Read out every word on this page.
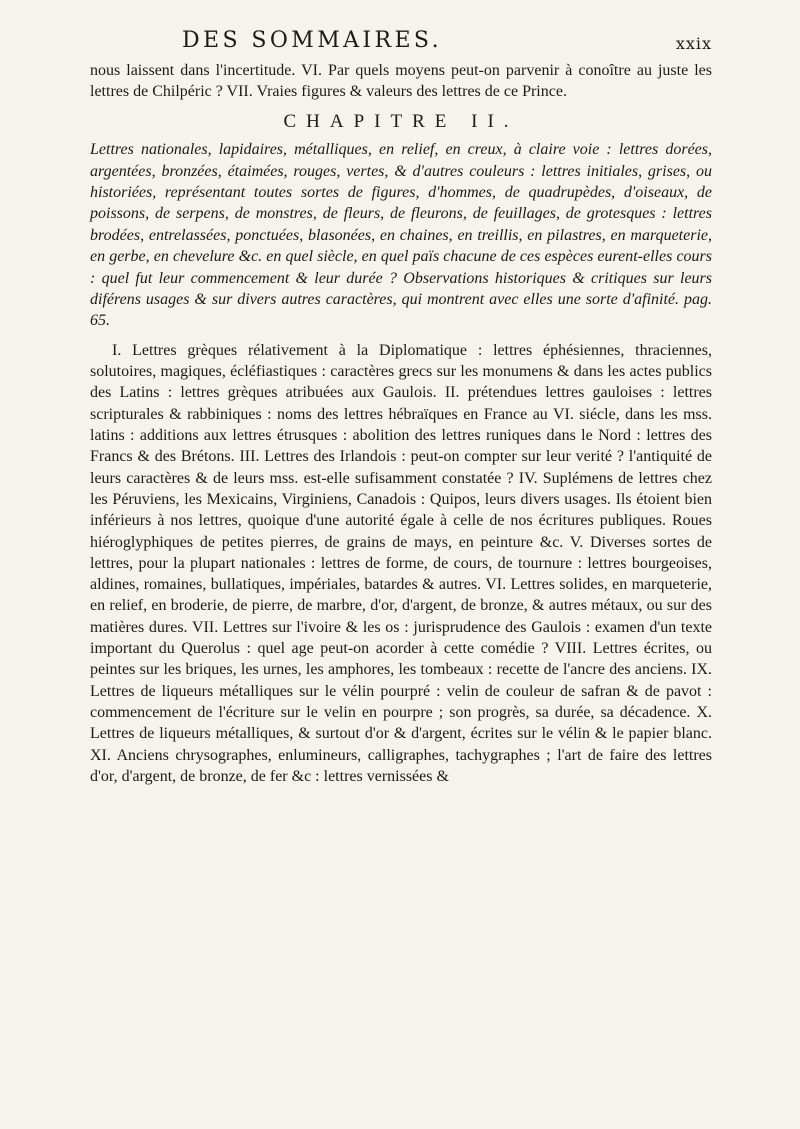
DES SOMMAIRES.	xxix

nous laissent dans l'incertitude. VI. Par quels moyens peut-on parvenir à conoître au juste les lettres de Chilpéric ? VII. Vraies figures & valeurs des lettres de ce Prince.

CHAPITRE II.

Lettres nationales, lapidaires, métalliques, en relief, en creux, à claire voie : lettres dorées, argentées, bronzées, étaimées, rouges, vertes, & d'autres couleurs : lettres initiales, grises, ou historiées, représentant toutes sortes de figures, d'hommes, de quadrupèdes, d'oiseaux, de poissons, de serpens, de monstres, de fleurs, de fleurons, de feuillages, de grotesques : lettres brodées, entrelassées, ponctuées, blasonées, en chaines, en treillis, en pilastres, en marqueterie, en gerbe, en chevelure &c. en quel siècle, en quel païs chacune de ces espèces eurent-elles cours : quel fut leur commencement & leur durée ? Observations historiques & critiques sur leurs diférens usages & sur divers autres caractères, qui montrent avec elles une sorte d'afinité. pag. 65.

I. Lettres grèques rélativement à la Diplomatique : lettres éphésiennes, thraciennes, solutoires, magiques, écléfiastiques : caractères grecs sur les monumens & dans les actes publics des Latins : lettres grèques atribuées aux Gaulois. II. prétendues lettres gauloises : lettres scripturales & rabbiniques : noms des lettres hébraïques en France au VI. siécle, dans les mss. latins : additions aux lettres étrusques : abolition des lettres runiques dans le Nord : lettres des Francs & des Brétons. III. Lettres des Irlandois : peut-on compter sur leur verité ? l'antiquité de leurs caractères & de leurs mss. est-elle sufisamment constatée ? IV. Suplémens de lettres chez les Péruviens, les Mexicains, Virginiens, Canadois : Quipos, leurs divers usages. Ils étoient bien inférieurs à nos lettres, quoique d'une autorité égale à celle de nos écritures publiques. Roues hiéroglyphiques de petites pierres, de grains de mays, en peinture &c. V. Diverses sortes de lettres, pour la plupart nationales : lettres de forme, de cours, de tournure : lettres bourgeoises, aldines, romaines, bullatiques, impériales, batardes & autres. VI. Lettres solides, en marqueterie, en relief, en broderie, de pierre, de marbre, d'or, d'argent, de bronze, & autres métaux, ou sur des matières dures. VII. Lettres sur l'ivoire & les os : jurisprudence des Gaulois : examen d'un texte important du Querolus : quel age peut-on acorder à cette comédie ? VIII. Lettres écrites, ou peintes sur les briques, les urnes, les amphores, les tombeaux : recette de l'ancre des anciens. IX. Lettres de liqueurs métalliques sur le vélin pourpré : velin de couleur de safran & de pavot : commencement de l'écriture sur le velin en pourpre ; son progrès, sa durée, sa décadence. X. Lettres de liqueurs métalliques, & surtout d'or & d'argent, écrites sur le vélin & le papier blanc. XI. Anciens chrysographes, enlumineurs, calligraphes, tachygraphes ; l'art de faire des lettres d'or, d'argent, de bronze, de fer &c : lettres vernissées &
